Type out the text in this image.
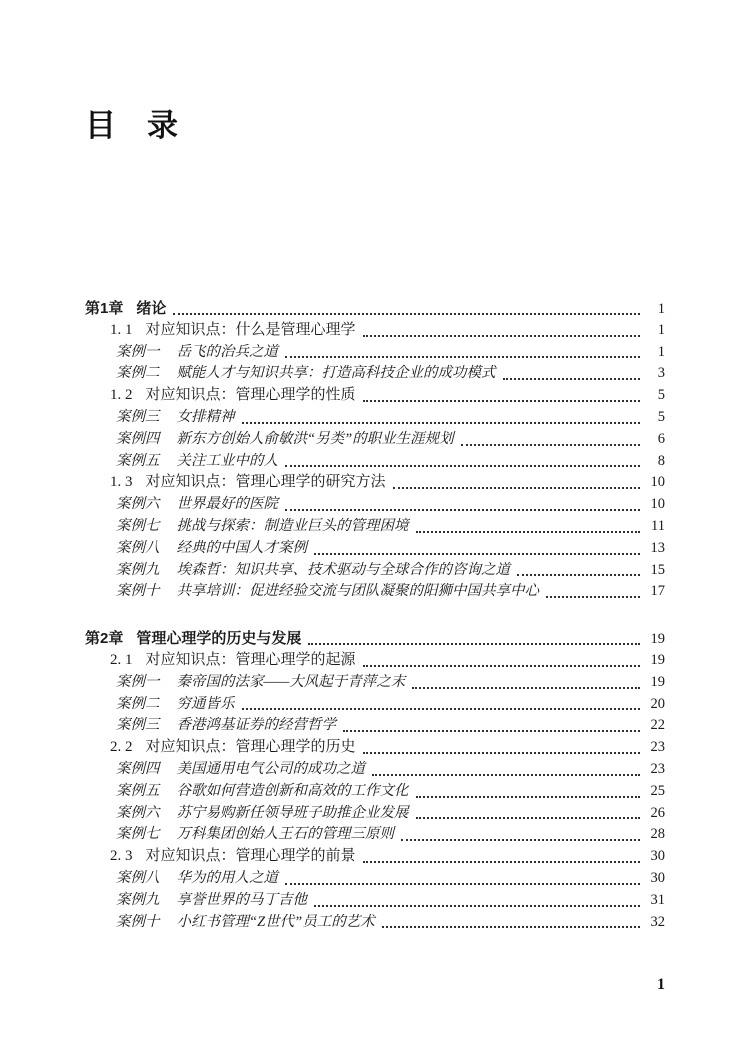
目　录
第1章 绪论	1
1. 1 对应知识点：什么是管理心理学	1
案例一 岳飞的治兵之道	1
案例二 赋能人才与知识共享：打造高科技企业的成功模式	3
1. 2 对应知识点：管理心理学的性质	5
案例三 女排精神	5
案例四 新东方创始人俞敏洪“另类”的职业生涯规划	6
案例五 关注工业中的人	8
1. 3 对应知识点：管理心理学的研究方法	10
案例六 世界最好的医院	10
案例七 挑战与探索：制造业巨头的管理困境	11
案例八 经典的中国人才案例	13
案例九 埃森哲：知识共享、技术驱动与全球合作的咨询之道	15
案例十 共享培训：促进经验交流与团队凝聚的阳狮中国共享中心	17
第2章 管理心理学的历史与发展	19
2. 1 对应知识点：管理心理学的起源	19
案例一 秦帝国的法家——大风起于青萍之末	19
案例二 穷通皆乐	20
案例三 香港鸿基证券的经营哲学	22
2. 2 对应知识点：管理心理学的历史	23
案例四 美国通用电气公司的成功之道	23
案例五 谷歌如何营造创新和高效的工作文化	25
案例六 苏宁易购新任领导班子助推企业发展	26
案例七 万科集团创始人王石的管理三原则	28
2. 3 对应知识点：管理心理学的前景	30
案例八 华为的用人之道	30
案例九 享誉世界的马丁吉他	31
案例十 小红书管理“Z世代”员工的艺术	32
1
